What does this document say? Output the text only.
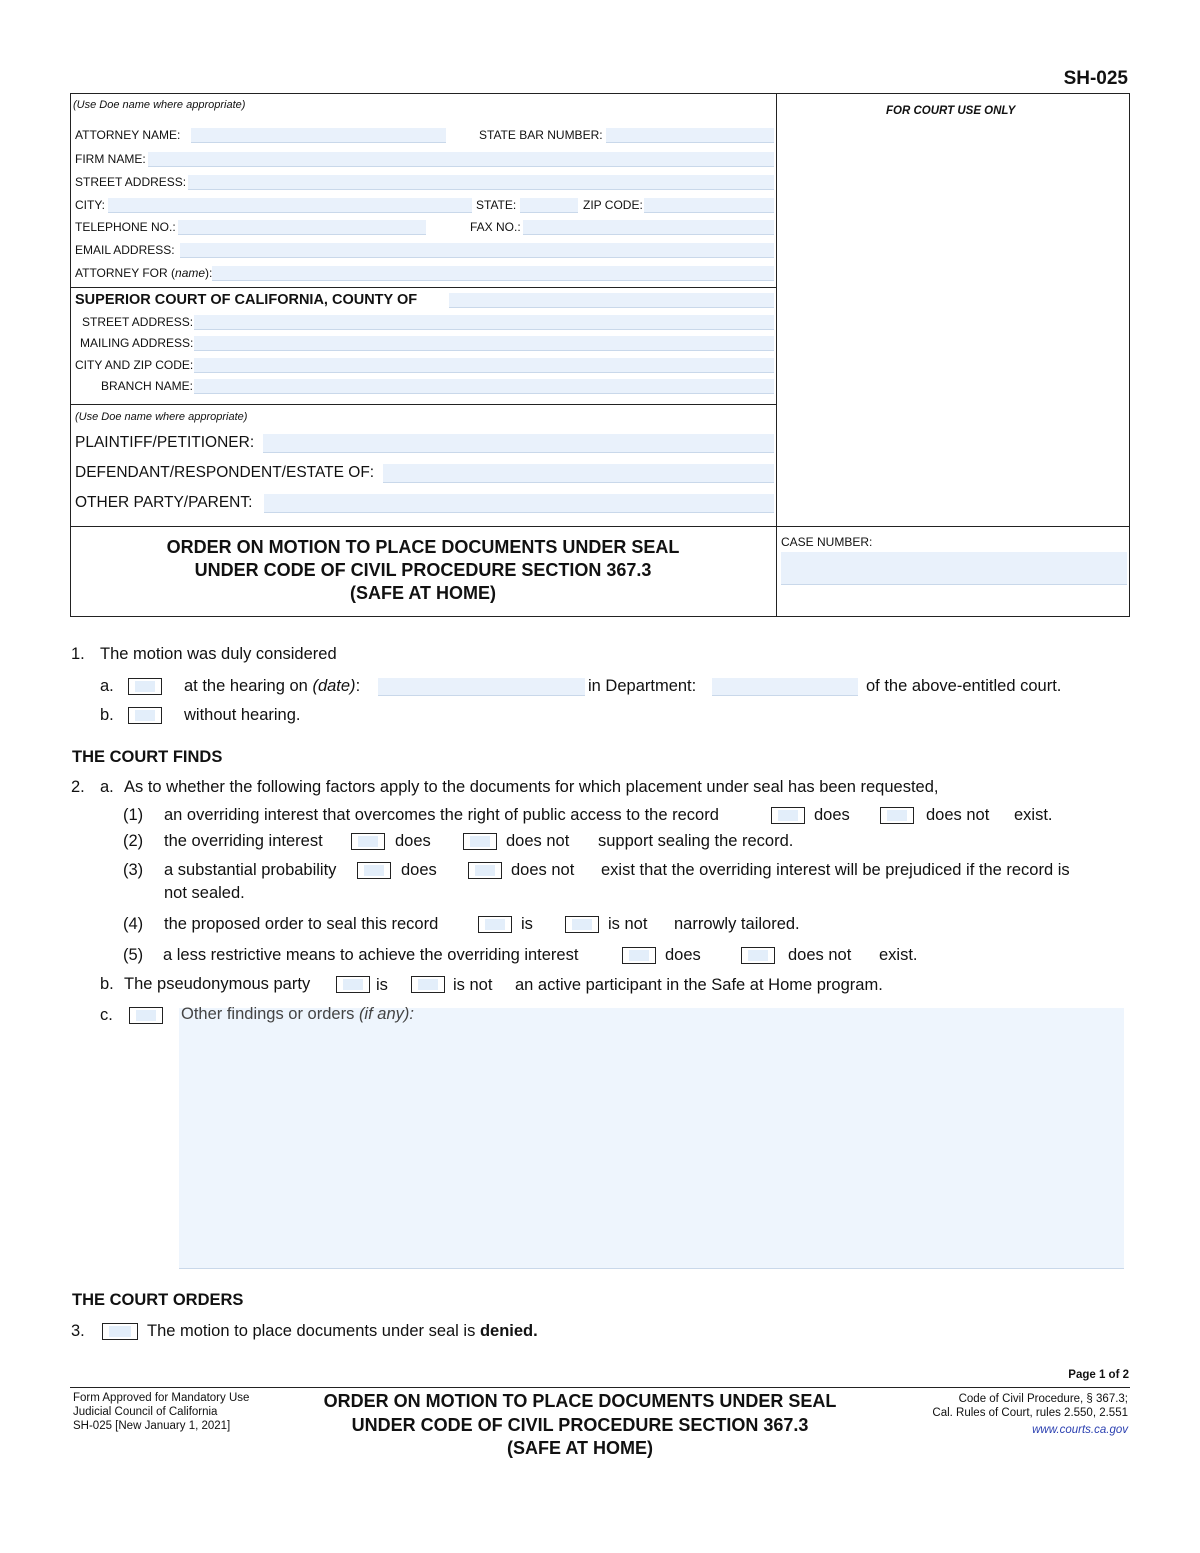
SH-025
(Use Doe name where appropriate)
ATTORNEY NAME:	STATE BAR NUMBER:
FIRM NAME:
STREET ADDRESS:
CITY:	STATE:	ZIP CODE:
TELEPHONE NO.:	FAX NO.:
EMAIL ADDRESS:
ATTORNEY FOR (name):
FOR COURT USE ONLY
SUPERIOR COURT OF CALIFORNIA, COUNTY OF
STREET ADDRESS:
MAILING ADDRESS:
CITY AND ZIP CODE:
BRANCH NAME:
(Use Doe name where appropriate)
PLAINTIFF/PETITIONER:
DEFENDANT/RESPONDENT/ESTATE OF:
OTHER PARTY/PARENT:
ORDER ON MOTION TO PLACE DOCUMENTS UNDER SEAL
UNDER CODE OF CIVIL PROCEDURE SECTION 367.3
(SAFE AT HOME)
CASE NUMBER:
1. The motion was duly considered
a.	at the hearing on (date):	in Department:	of the above-entitled court.
b.	without hearing.
THE COURT FINDS
2. a. As to whether the following factors apply to the documents for which placement under seal has been requested,
(1) an overriding interest that overcomes the right of public access to the record	does	does not exist.
(2) the overriding interest	does	does not support sealing the record.
(3) a substantial probability	does	does not exist that the overriding interest will be prejudiced if the record is
not sealed.
(4) the proposed order to seal this record	is	is not narrowly tailored.
(5) a less restrictive means to achieve the overriding interest	does	does not exist.
b. The pseudonymous party	is	is not an active participant in the Safe at Home program.
c.	Other findings or orders (if any):
THE COURT ORDERS
3.	The motion to place documents under seal is denied.
Page 1 of 2
Form Approved for Mandatory Use
Judicial Council of California
SH-025 [New January 1, 2021]
ORDER ON MOTION TO PLACE DOCUMENTS UNDER SEAL
UNDER CODE OF CIVIL PROCEDURE SECTION 367.3
(SAFE AT HOME)
Code of Civil Procedure, § 367.3;
Cal. Rules of Court, rules 2.550, 2.551
www.courts.ca.gov
